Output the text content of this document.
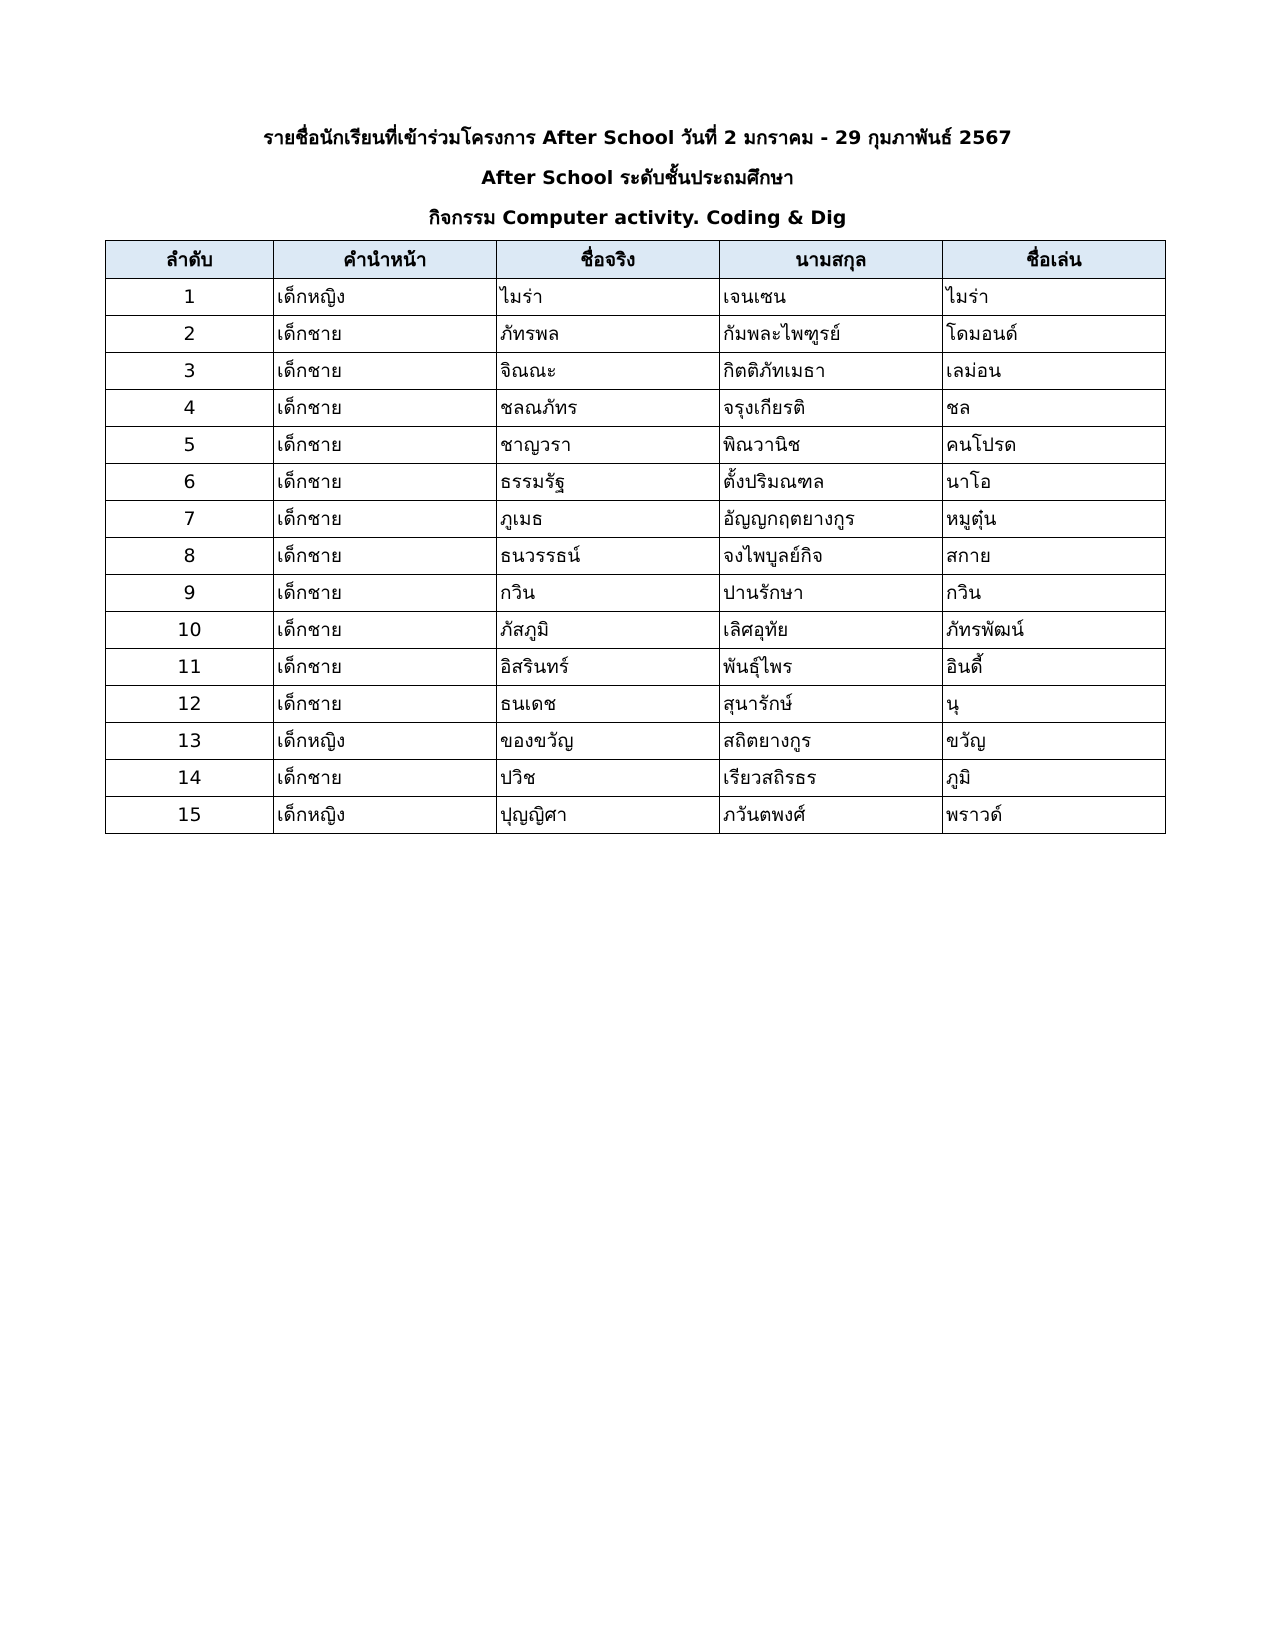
รายชื่อนักเรียนที่เข้าร่วมโครงการ After School วันที่ 2 มกราคม - 29 กุมภาพันธ์ 2567
After School ระดับชั้นประถมศึกษา
กิจกรรม Computer activity. Coding & Dig
ลำดับ	คำนำหน้า	ชื่อจริง	นามสกุล	ชื่อเล่น
1	เด็กหญิง	ไมร่า	เจนเซน	ไมร่า
2	เด็กชาย	ภัทรพล	กัมพละไพฑูรย์	โดมอนด์
3	เด็กชาย	จิณณะ	กิตติภัทเมธา	เลม่อน
4	เด็กชาย	ชลณภัทร	จรุงเกียรติ	ชล
5	เด็กชาย	ชาญวรา	พิณวานิช	คนโปรด
6	เด็กชาย	ธรรมรัฐ	ตั้งปริมณฑล	นาโอ
7	เด็กชาย	ภูเมธ	อัญญกฤตยางกูร	หมูตุ๋น
8	เด็กชาย	ธนวรรธน์	จงไพบูลย์กิจ	สกาย
9	เด็กชาย	กวิน	ปานรักษา	กวิน
10	เด็กชาย	ภัสภูมิ	เลิศอุทัย	ภัทรพัฒน์
11	เด็กชาย	อิสรินทร์	พันธุ์ไพร	อินดี้
12	เด็กชาย	ธนเดช	สุนารักษ์	นุ
13	เด็กหญิง	ของขวัญ	สถิตยางกูร	ขวัญ
14	เด็กชาย	ปวิช	เรียวสถิรธร	ภูมิ
15	เด็กหญิง	ปุญญิศา	ภวันตพงศ์	พราวด์
